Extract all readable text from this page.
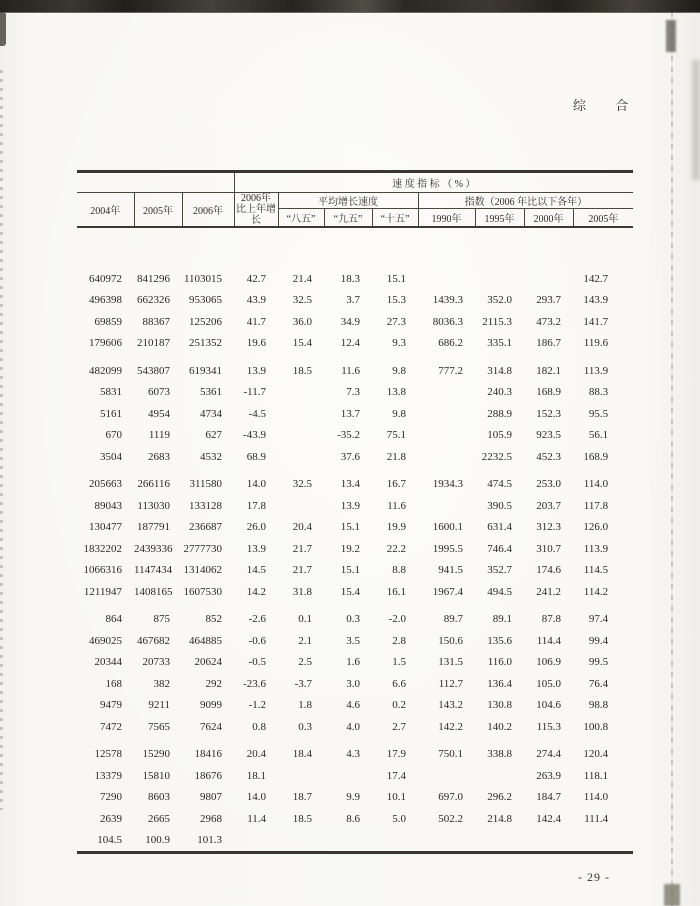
综 合
			速 度 指 标 （ % ）							
2004年	2005年	2006年	2006年
比上年增长	平均增长速度			指数（2006 年比以下各年）			
				“八五”	“九五”	“十五”	1990年	1995年	2000年	2005年

640972	841296	1103015	42.7	21.4	18.3	15.1				142.7
496398	662326	953065	43.9	32.5	3.7	15.3	1439.3	352.0	293.7	143.9
69859	88367	125206	41.7	36.0	34.9	27.3	8036.3	2115.3	473.2	141.7
179606	210187	251352	19.6	15.4	12.4	9.3	686.2	335.1	186.7	119.6

482099	543807	619341	13.9	18.5	11.6	9.8	777.2	314.8	182.1	113.9
5831	6073	5361	-11.7		7.3	13.8		240.3	168.9	88.3
5161	4954	4734	-4.5		13.7	9.8		288.9	152.3	95.5
670	1119	627	-43.9		-35.2	75.1		105.9	923.5	56.1
3504	2683	4532	68.9		37.6	21.8		2232.5	452.3	168.9

205663	266116	311580	14.0	32.5	13.4	16.7	1934.3	474.5	253.0	114.0
89043	113030	133128	17.8		13.9	11.6		390.5	203.7	117.8
130477	187791	236687	26.0	20.4	15.1	19.9	1600.1	631.4	312.3	126.0
1832202	2439336	2777730	13.9	21.7	19.2	22.2	1995.5	746.4	310.7	113.9
1066316	1147434	1314062	14.5	21.7	15.1	8.8	941.5	352.7	174.6	114.5
1211947	1408165	1607530	14.2	31.8	15.4	16.1	1967.4	494.5	241.2	114.2

864	875	852	-2.6	0.1	0.3	-2.0	89.7	89.1	87.8	97.4
469025	467682	464885	-0.6	2.1	3.5	2.8	150.6	135.6	114.4	99.4
20344	20733	20624	-0.5	2.5	1.6	1.5	131.5	116.0	106.9	99.5
168	382	292	-23.6	-3.7	3.0	6.6	112.7	136.4	105.0	76.4
9479	9211	9099	-1.2	1.8	4.6	0.2	143.2	130.8	104.6	98.8
7472	7565	7624	0.8	0.3	4.0	2.7	142.2	140.2	115.3	100.8

12578	15290	18416	20.4	18.4	4.3	17.9	750.1	338.8	274.4	120.4
13379	15810	18676	18.1			17.4			263.9	118.1
7290	8603	9807	14.0	18.7	9.9	10.1	697.0	296.2	184.7	114.0
2639	2665	2968	11.4	18.5	8.6	5.0	502.2	214.8	142.4	111.4
104.5	100.9	101.3								
- 29 -
